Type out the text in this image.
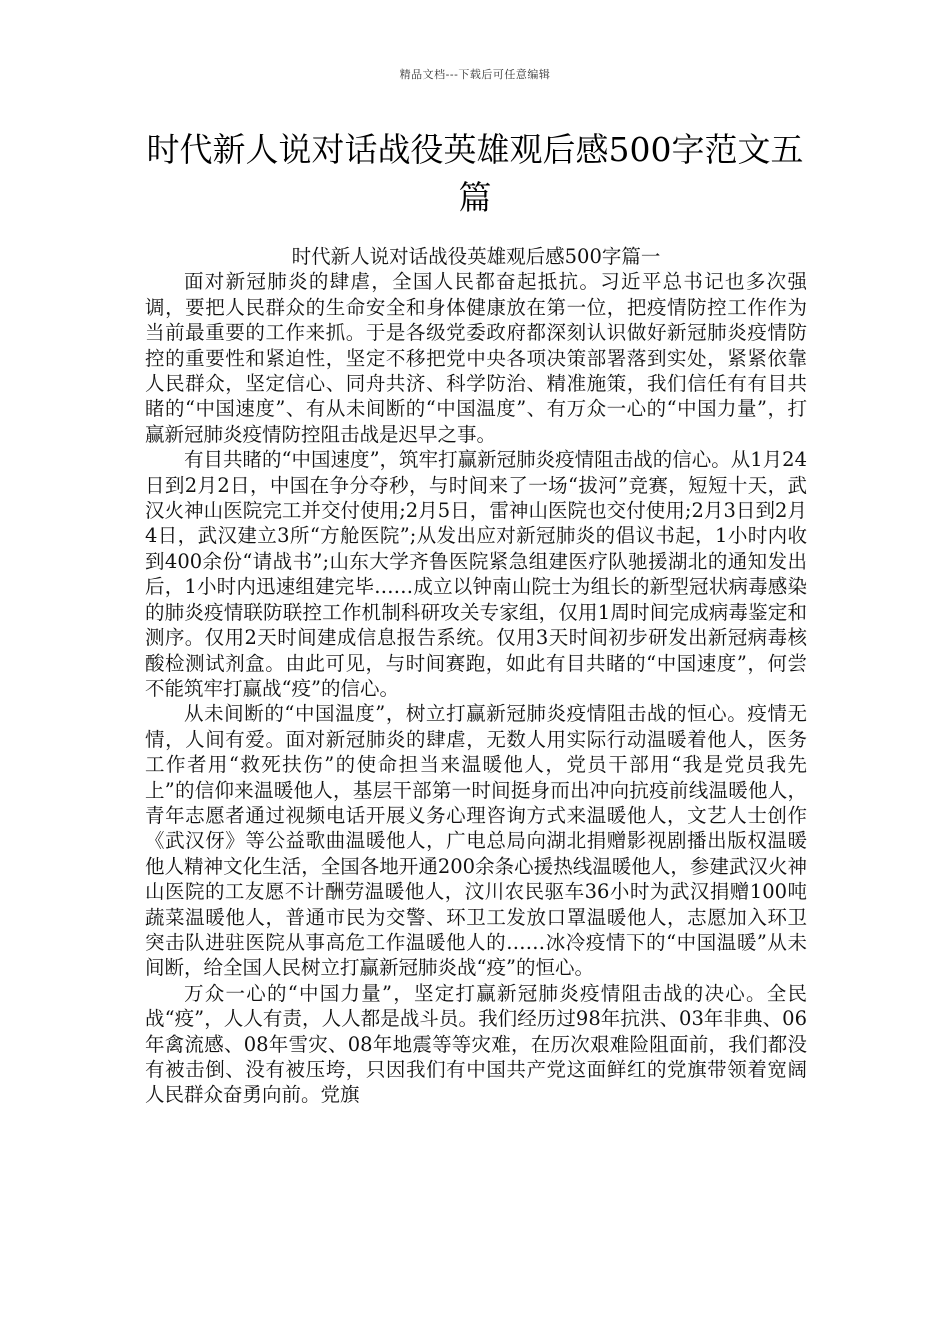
精品文档---下载后可任意编辑
时代新人说对话战役英雄观后感500字范文五篇

时代新人说对话战役英雄观后感500字篇一

面对新冠肺炎的肆虐，全国人民都奋起抵抗。习近平总书记也多次强调，要把人民群众的生命安全和身体健康放在第一位，把疫情防控工作作为当前最重要的工作来抓。于是各级党委政府都深刻认识做好新冠肺炎疫情防控的重要性和紧迫性，坚定不移把党中央各项决策部署落到实处，紧紧依靠人民群众，坚定信心、同舟共济、科学防治、精准施策，我们信任有有目共睹的“中国速度”、有从未间断的“中国温度”、有万众一心的“中国力量”，打赢新冠肺炎疫情防控阻击战是迟早之事。

有目共睹的“中国速度”，筑牢打赢新冠肺炎疫情阻击战的信心。从1月24日到2月2日，中国在争分夺秒，与时间来了一场“拔河”竞赛，短短十天，武汉火神山医院完工并交付使用;2月5日，雷神山医院也交付使用;2月3日到2月4日，武汉建立3所“方舱医院”;从发出应对新冠肺炎的倡议书起，1小时内收到400余份“请战书”;山东大学齐鲁医院紧急组建医疗队驰援湖北的通知发出后，1小时内迅速组建完毕……成立以钟南山院士为组长的新型冠状病毒感染的肺炎疫情联防联控工作机制科研攻关专家组，仅用1周时间完成病毒鉴定和测序。仅用2天时间建成信息报告系统。仅用3天时间初步研发出新冠病毒核酸检测试剂盒。由此可见，与时间赛跑，如此有目共睹的“中国速度”，何尝不能筑牢打赢战“疫”的信心。

从未间断的“中国温度”，树立打赢新冠肺炎疫情阻击战的恒心。疫情无情，人间有爱。面对新冠肺炎的肆虐，无数人用实际行动温暖着他人，医务工作者用“救死扶伤”的使命担当来温暖他人，党员干部用“我是党员我先上”的信仰来温暖他人，基层干部第一时间挺身而出冲向抗疫前线温暖他人，青年志愿者通过视频电话开展义务心理咨询方式来温暖他人，文艺人士创作《武汉伢》等公益歌曲温暖他人，广电总局向湖北捐赠影视剧播出版权温暖他人精神文化生活，全国各地开通200余条心援热线温暖他人，参建武汉火神山医院的工友愿不计酬劳温暖他人，汶川农民驱车36小时为武汉捐赠100吨蔬菜温暖他人，普通市民为交警、环卫工发放口罩温暖他人，志愿加入环卫突击队进驻医院从事高危工作温暖他人的……冰冷疫情下的“中国温暖”从未间断，给全国人民树立打赢新冠肺炎战“疫”的恒心。

万众一心的“中国力量”，坚定打赢新冠肺炎疫情阻击战的决心。全民战“疫”，人人有责，人人都是战斗员。我们经历过98年抗洪、03年非典、06年禽流感、08年雪灾、08年地震等等灾难，在历次艰难险阻面前，我们都没有被击倒、没有被压垮，只因我们有中国共产党这面鲜红的党旗带领着宽阔人民群众奋勇向前。党旗
